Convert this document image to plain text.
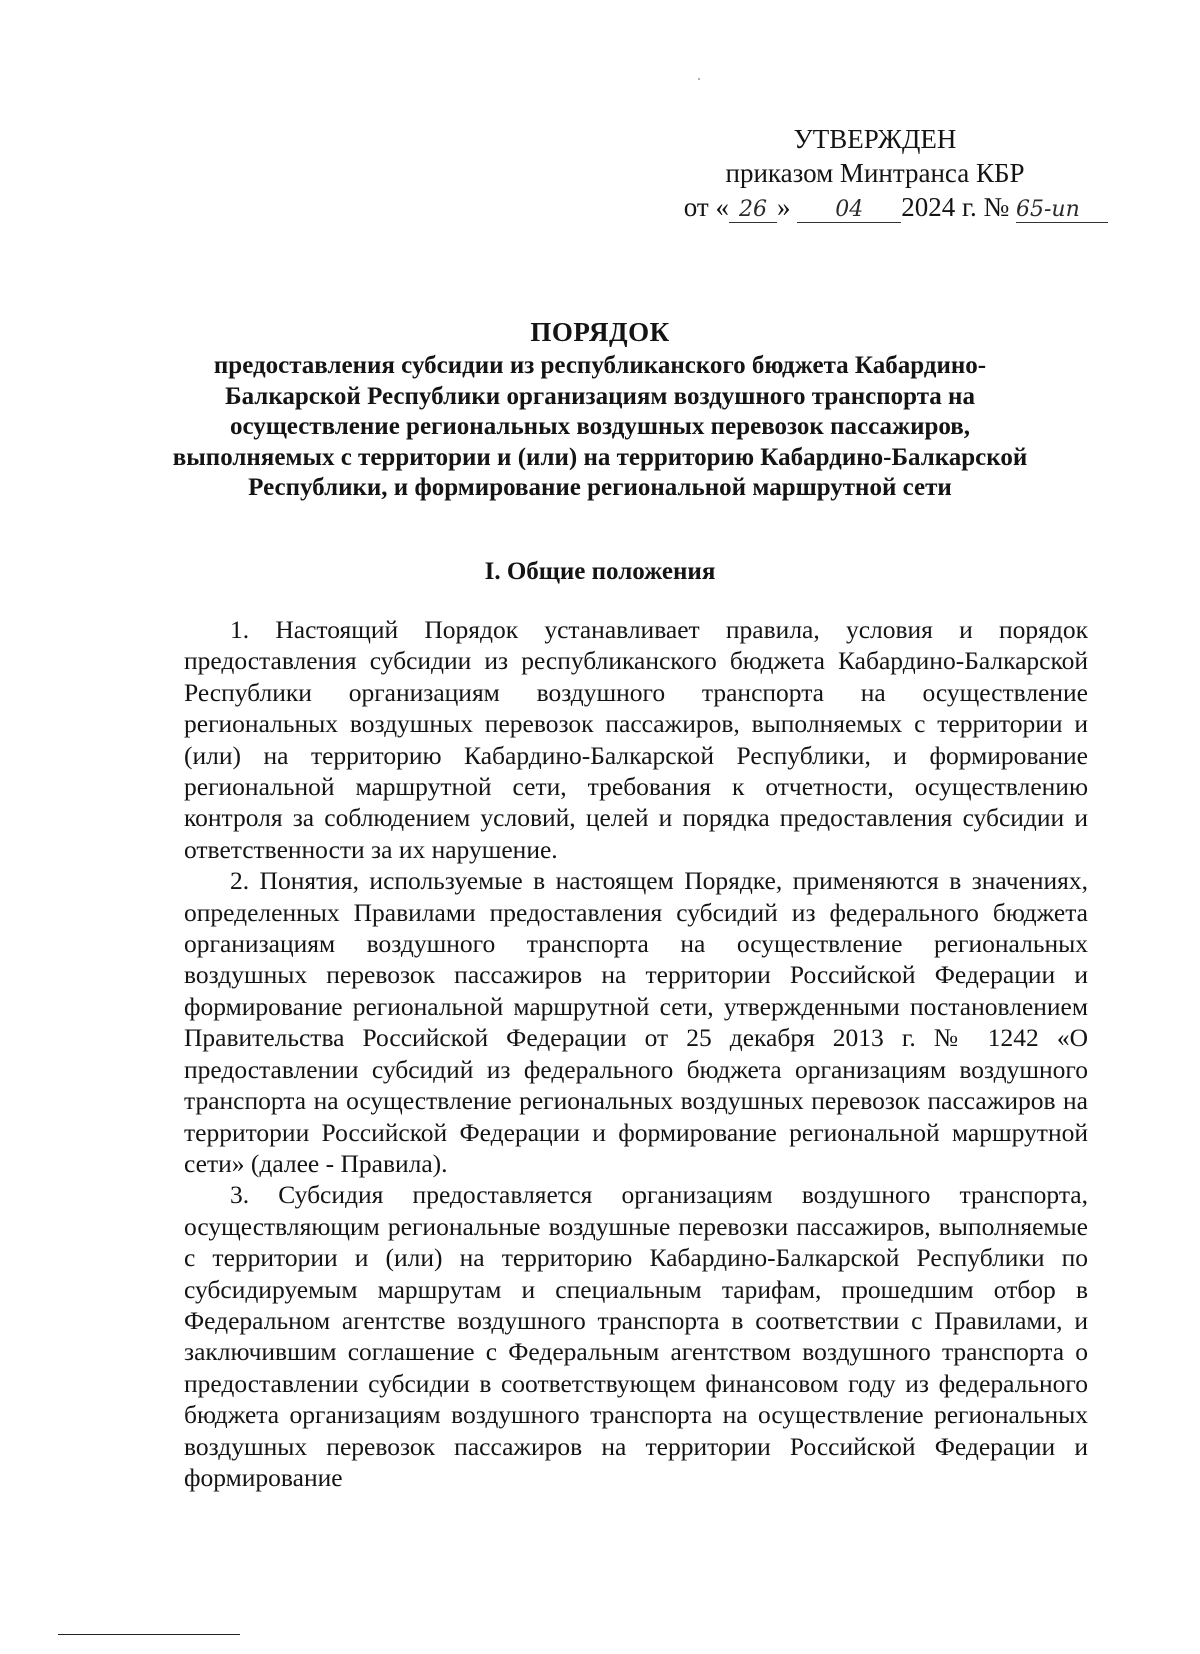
УТВЕРЖДЕН
приказом Минтранса КБР
от « 26 » 04 2024 г. № 65-ип
ПОРЯДОК
предоставления субсидии из республиканского бюджета Кабардино-Балкарской Республики организациям воздушного транспорта на осуществление региональных воздушных перевозок пассажиров, выполняемых с территории и (или) на территорию Кабардино-Балкарской Республики, и формирование региональной маршрутной сети
I. Общие положения

1. Настоящий Порядок устанавливает правила, условия и порядок предоставления субсидии из республиканского бюджета Кабардино-Балкарской Республики организациям воздушного транспорта на осуществление региональных воздушных перевозок пассажиров, выполняемых с территории и (или) на территорию Кабардино-Балкарской Республики, и формирование региональной маршрутной сети, требования к отчетности, осуществлению контроля за соблюдением условий, целей и порядка предоставления субсидии и ответственности за их нарушение.

2. Понятия, используемые в настоящем Порядке, применяются в значениях, определенных Правилами предоставления субсидий из федерального бюджета организациям воздушного транспорта на осуществление региональных воздушных перевозок пассажиров на территории Российской Федерации и формирование региональной маршрутной сети, утвержденными постановлением Правительства Российской Федерации от 25 декабря 2013 г. № 1242 «О предоставлении субсидий из федерального бюджета организациям воздушного транспорта на осуществление региональных воздушных перевозок пассажиров на территории Российской Федерации и формирование региональной маршрутной сети» (далее - Правила).

3. Субсидия предоставляется организациям воздушного транспорта, осуществляющим региональные воздушные перевозки пассажиров, выполняемые с территории и (или) на территорию Кабардино-Балкарской Республики по субсидируемым маршрутам и специальным тарифам, прошедшим отбор в Федеральном агентстве воздушного транспорта в соответствии с Правилами, и заключившим соглашение с Федеральным агентством воздушного транспорта о предоставлении субсидии в соответствующем финансовом году из федерального бюджета организациям воздушного транспорта на осуществление региональных воздушных перевозок пассажиров на территории Российской Федерации и формирование
